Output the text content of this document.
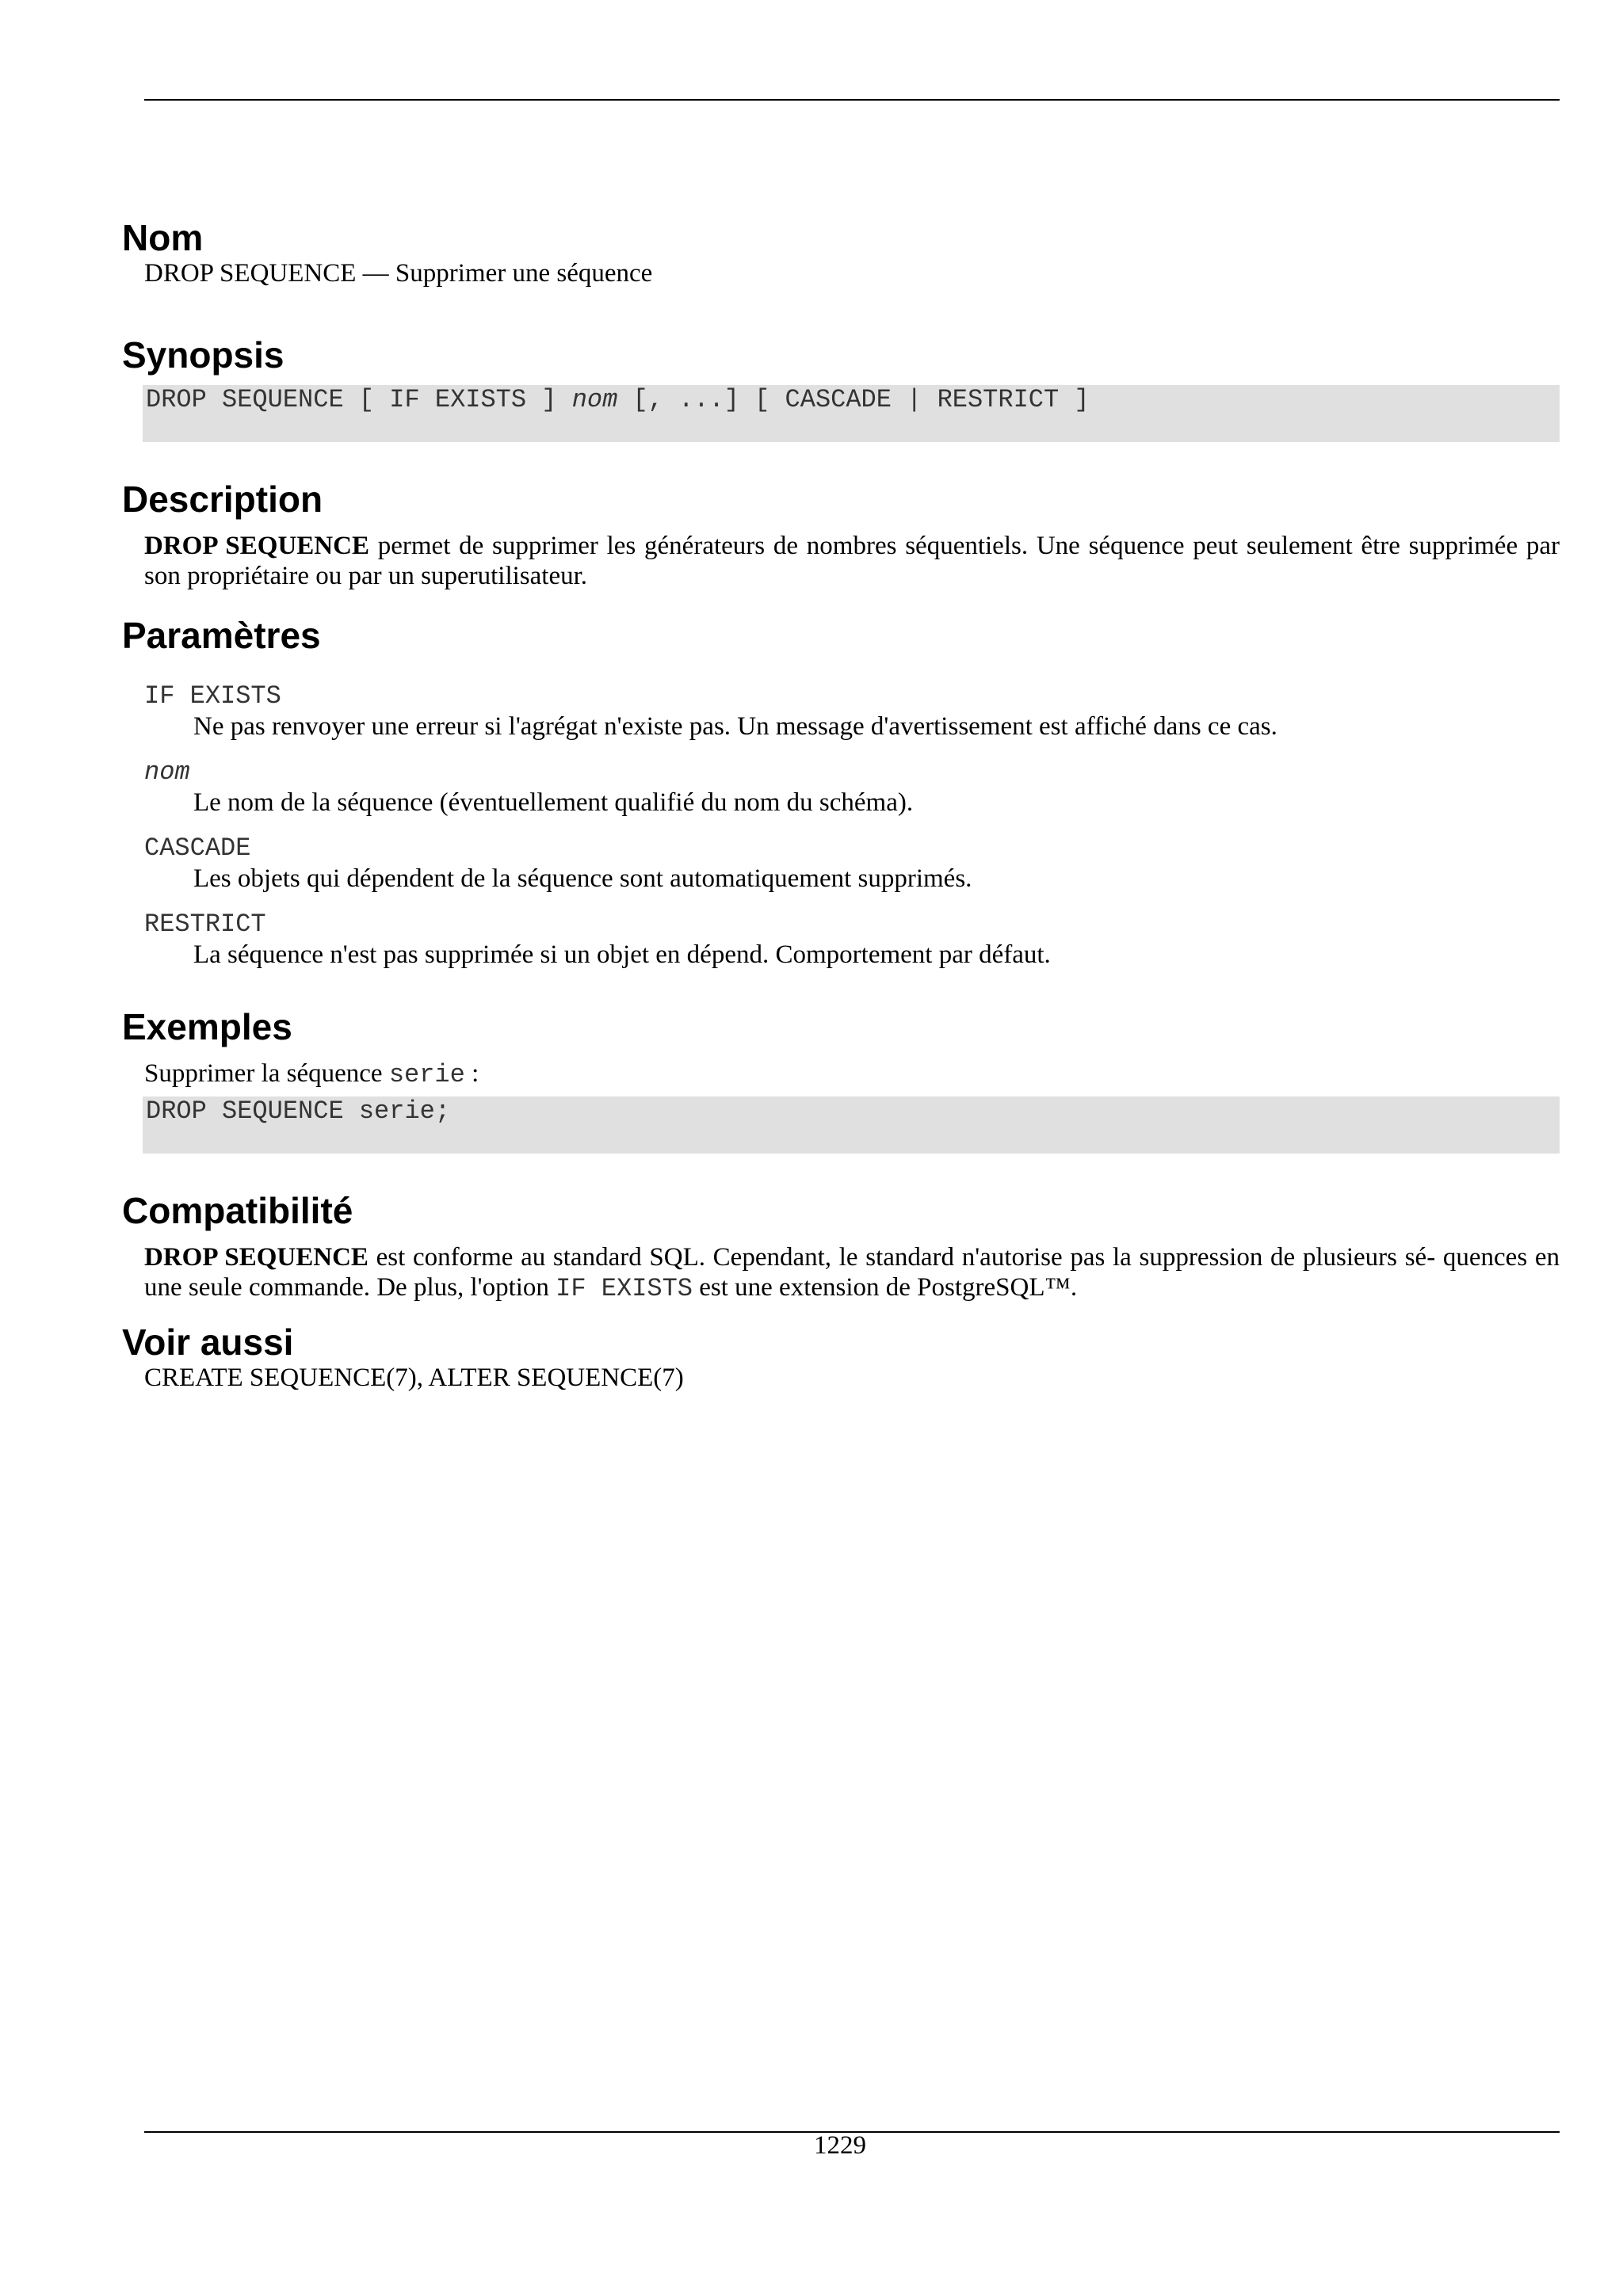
Nom

DROP SEQUENCE — Supprimer une séquence

Synopsis
DROP SEQUENCE [ IF EXISTS ] nom [, ...] [ CASCADE | RESTRICT ]
Description

DROP SEQUENCE permet de supprimer les générateurs de nombres séquentiels. Une séquence peut seulement être supprimée par son propriétaire ou par un superutilisateur.

Paramètres
IF EXISTS
Ne pas renvoyer une erreur si l'agrégat n'existe pas. Un message d'avertissement est affiché dans ce cas.
nom
Le nom de la séquence (éventuellement qualifié du nom du schéma).
CASCADE
Les objets qui dépendent de la séquence sont automatiquement supprimés.
RESTRICT
La séquence n'est pas supprimée si un objet en dépend. Comportement par défaut.
Exemples

Supprimer la séquence serie :

DROP SEQUENCE serie;
Compatibilité

DROP SEQUENCE est conforme au standard SQL. Cependant, le standard n'autorise pas la suppression de plusieurs sé- quences en une seule commande. De plus, l'option IF EXISTS est une extension de PostgreSQL™.

Voir aussi

CREATE SEQUENCE(7), ALTER SEQUENCE(7)

1229
